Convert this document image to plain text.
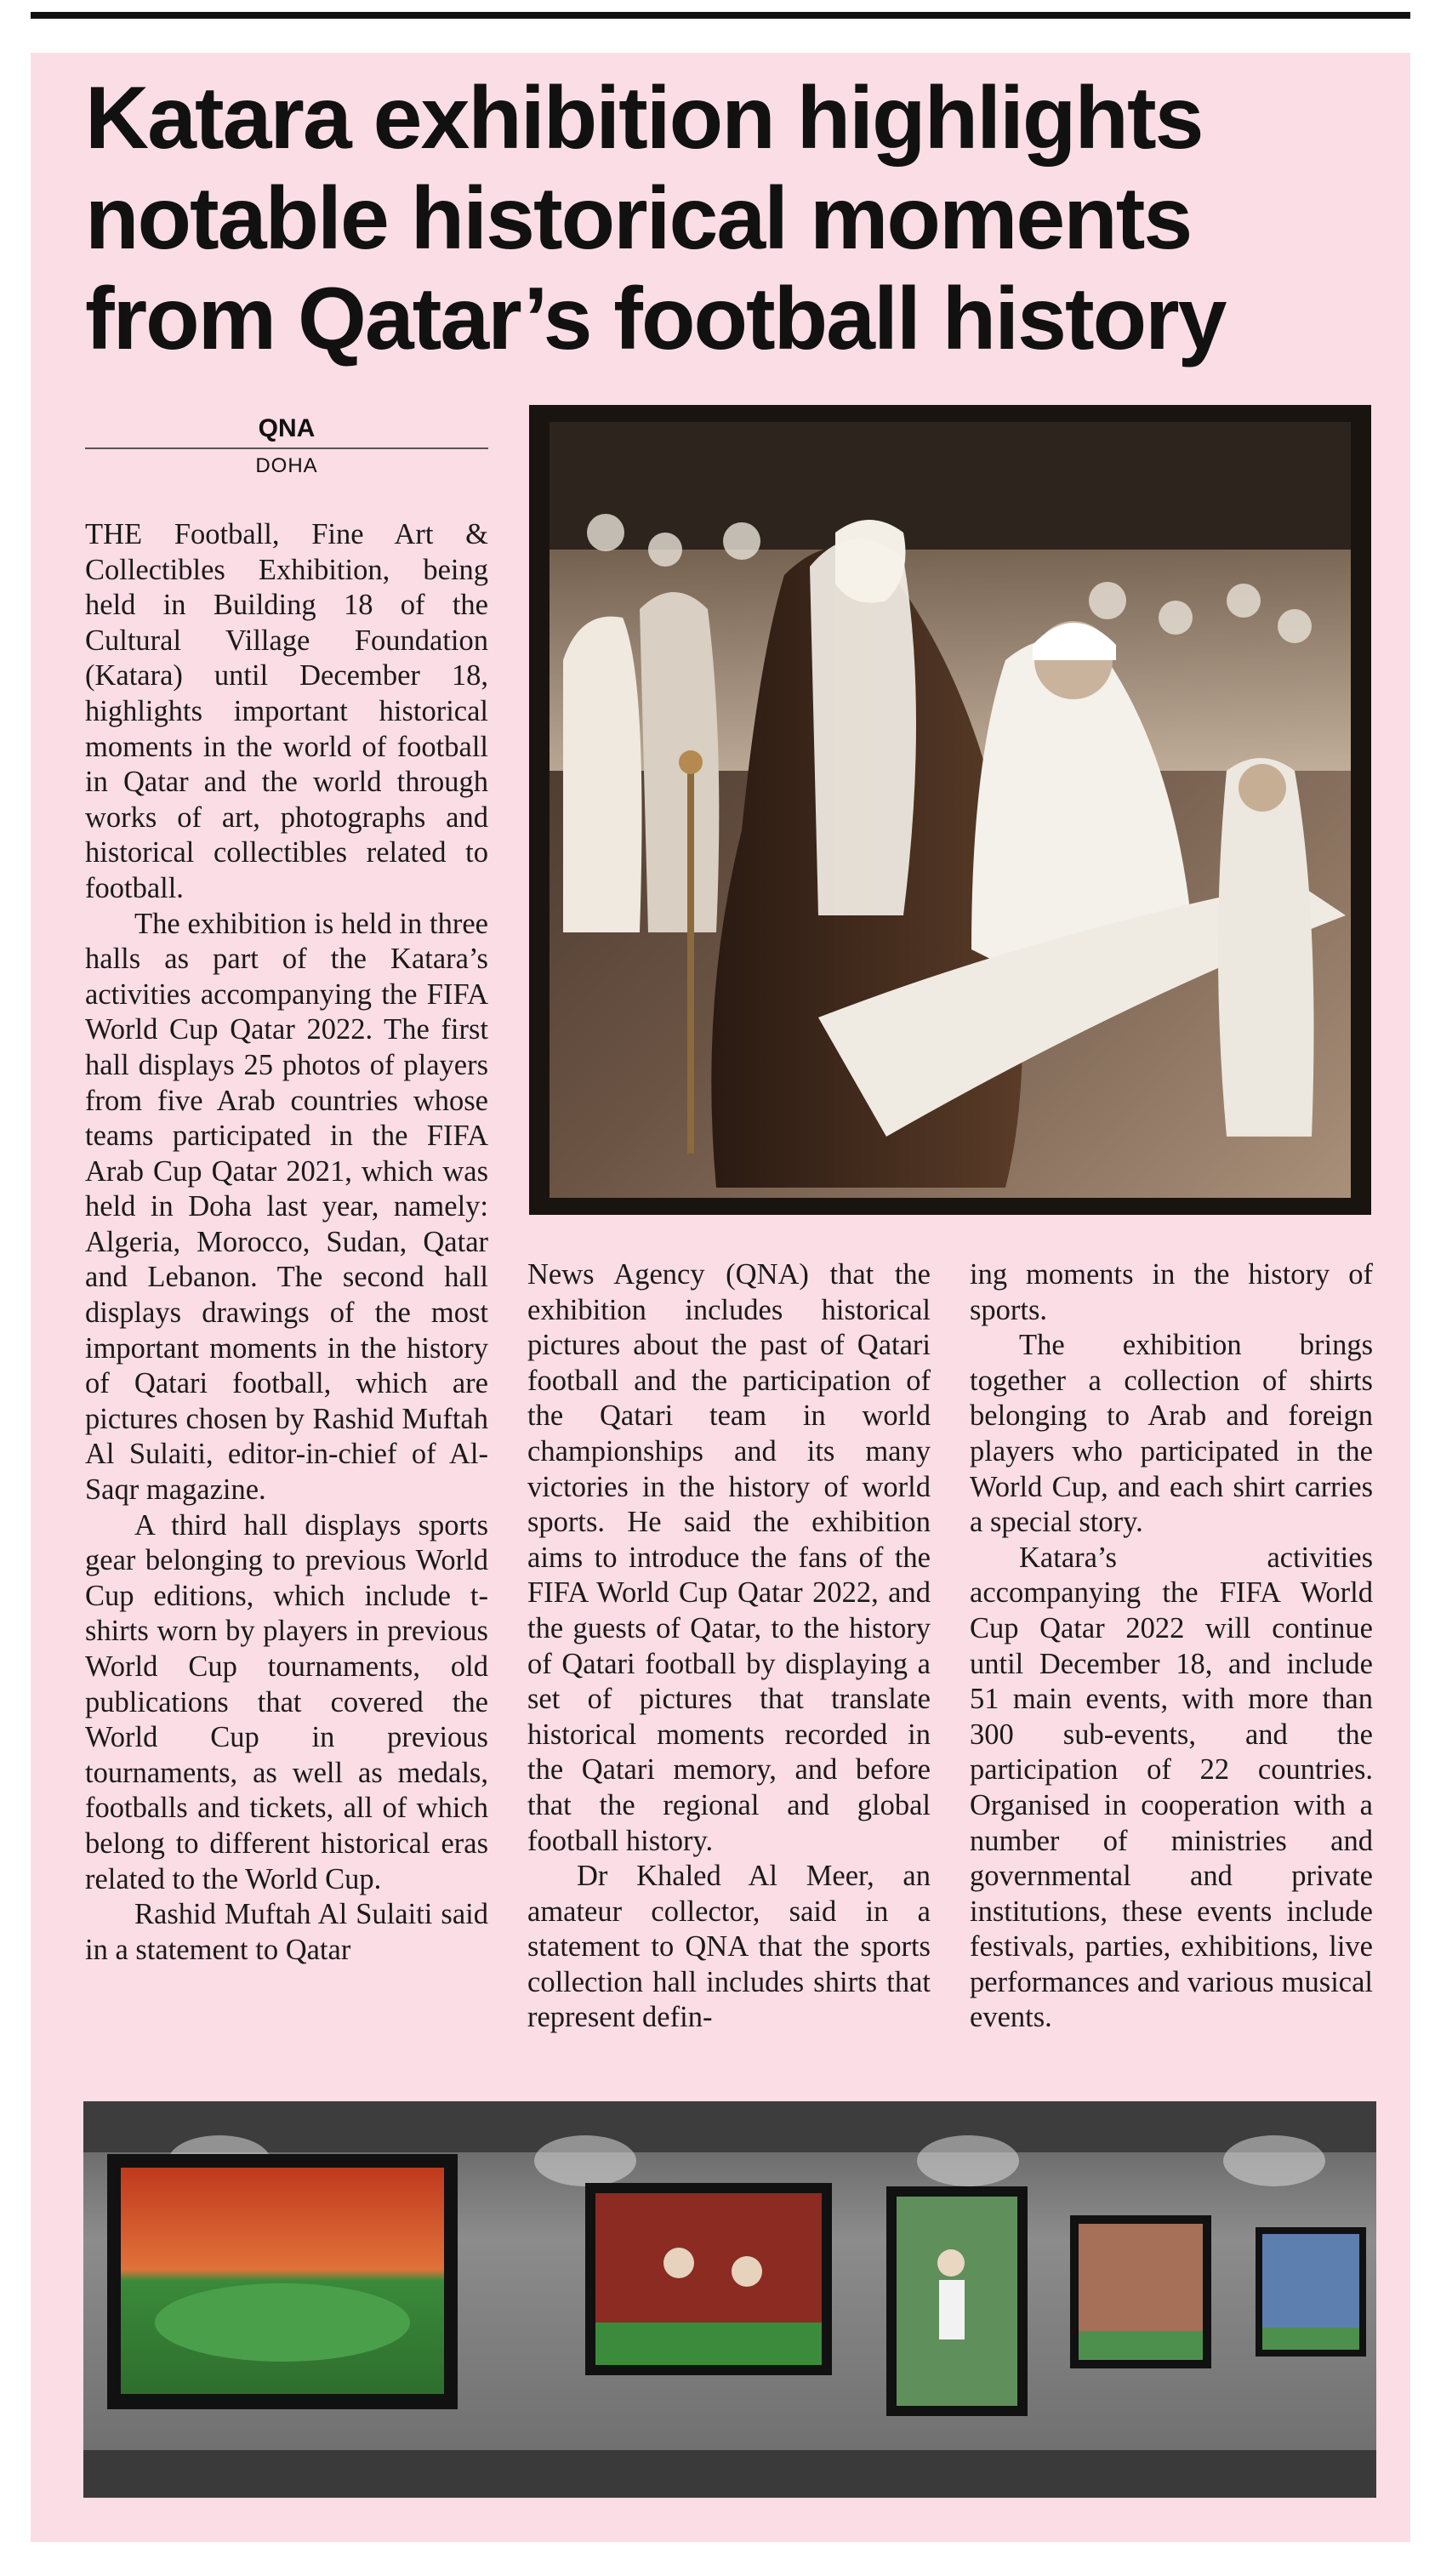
Katara exhibition highlights
notable historical moments
from Qatar’s football history
QNA
DOHA

THE Football, Fine Art & Collectibles Exhibition, being held in Building 18 of the Cultural Village Foundation (Katara) until December 18, highlights important historical moments in the world of football in Qatar and the world through works of art, photographs and historical collectibles related to football.

The exhibition is held in three halls as part of the Katara’s activities accompanying the FIFA World Cup Qatar 2022. The first hall displays 25 photos of players from five Arab countries whose teams participated in the FIFA Arab Cup Qatar 2021, which was held in Doha last year, namely: Algeria, Morocco, Sudan, Qatar and Lebanon. The second hall displays drawings of the most important moments in the history of Qatari football, which are pictures chosen by Rashid Muftah Al Sulaiti, editor-in-chief of Al-Saqr magazine.

A third hall displays sports gear belonging to previous World Cup editions, which include t-shirts worn by players in previous World Cup tournaments, old publications that covered the World Cup in previous tournaments, as well as medals, footballs and tickets, all of which belong to different historical eras related to the World Cup.

Rashid Muftah Al Sulaiti said in a statement to Qatar

News Agency (QNA) that the exhibition includes historical pictures about the past of Qatari football and the participation of the Qatari team in world championships and its many victories in the history of world sports. He said the exhibition aims to introduce the fans of the FIFA World Cup Qatar 2022, and the guests of Qatar, to the history of Qatari football by displaying a set of pictures that translate historical moments recorded in the Qatari memory, and before that the regional and global football history.

Dr Khaled Al Meer, an amateur collector, said in a statement to QNA that the sports collection hall includes shirts that represent defin-

ing moments in the history of sports.

The exhibition brings together a collection of shirts belonging to Arab and foreign players who participated in the World Cup, and each shirt carries a special story.

Katara’s activities accompanying the FIFA World Cup Qatar 2022 will continue until December 18, and include 51 main events, with more than 300 sub-events, and the participation of 22 countries. Organised in cooperation with a number of ministries and governmental and private institutions, these events include festivals, parties, exhibitions, live performances and various musical events.
